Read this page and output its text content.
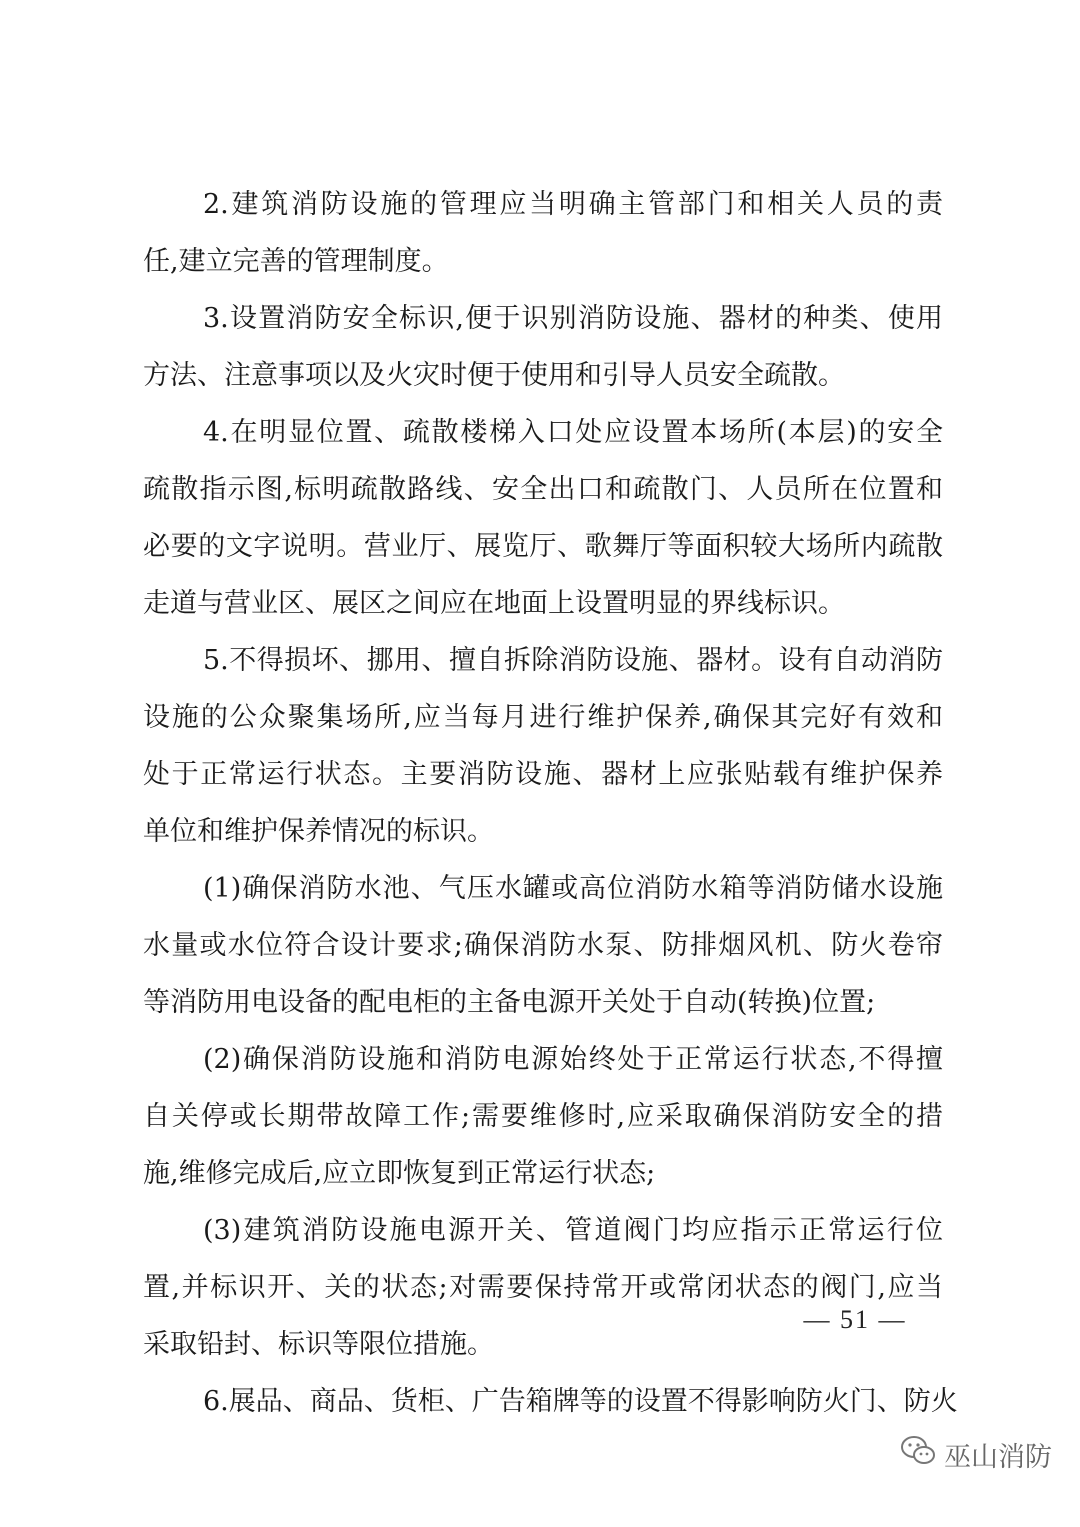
2.建筑消防设施的管理应当明确主管部门和相关人员的责
任,建立完善的管理制度。
3.设置消防安全标识,便于识别消防设施、器材的种类、使用
方法、注意事项以及火灾时便于使用和引导人员安全疏散。
4.在明显位置、疏散楼梯入口处应设置本场所(本层)的安全
疏散指示图,标明疏散路线、安全出口和疏散门、人员所在位置和
必要的文字说明。营业厅、展览厅、歌舞厅等面积较大场所内疏散
走道与营业区、展区之间应在地面上设置明显的界线标识。
5.不得损坏、挪用、擅自拆除消防设施、器材。设有自动消防
设施的公众聚集场所,应当每月进行维护保养,确保其完好有效和
处于正常运行状态。主要消防设施、器材上应张贴载有维护保养
单位和维护保养情况的标识。
(1)确保消防水池、气压水罐或高位消防水箱等消防储水设施
水量或水位符合设计要求;确保消防水泵、防排烟风机、防火卷帘
等消防用电设备的配电柜的主备电源开关处于自动(转换)位置;
(2)确保消防设施和消防电源始终处于正常运行状态,不得擅
自关停或长期带故障工作;需要维修时,应采取确保消防安全的措
施,维修完成后,应立即恢复到正常运行状态;
(3)建筑消防设施电源开关、管道阀门均应指示正常运行位
置,并标识开、关的状态;对需要保持常开或常闭状态的阀门,应当
采取铅封、标识等限位措施。
6.展品、商品、货柜、广告箱牌等的设置不得影响防火门、防火
— 51 —
巫山消防
